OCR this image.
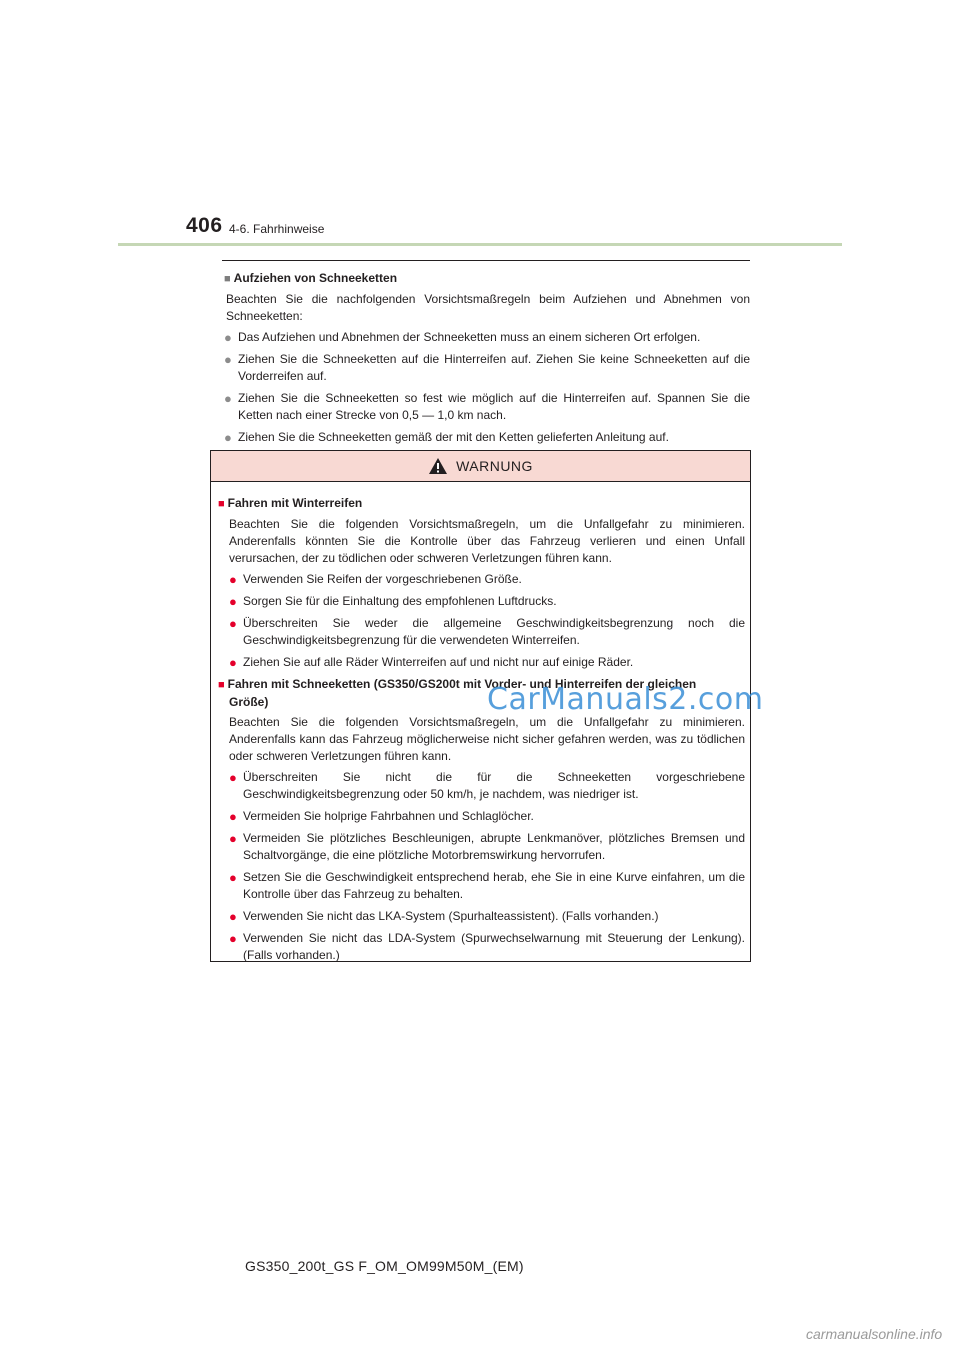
406 4-6. Fahrhinweise
■ Aufziehen von Schneeketten
Beachten Sie die nachfolgenden Vorsichtsmaßregeln beim Aufziehen und Abnehmen von Schneeketten:
● Das Aufziehen und Abnehmen der Schneeketten muss an einem sicheren Ort erfolgen.
● Ziehen Sie die Schneeketten auf die Hinterreifen auf. Ziehen Sie keine Schneeketten auf die Vorderreifen auf.
● Ziehen Sie die Schneeketten so fest wie möglich auf die Hinterreifen auf. Spannen Sie die Ketten nach einer Strecke von 0,5 — 1,0 km nach.
● Ziehen Sie die Schneeketten gemäß der mit den Ketten gelieferten Anleitung auf.
WARNUNG
■ Fahren mit Winterreifen
Beachten Sie die folgenden Vorsichtsmaßregeln, um die Unfallgefahr zu minimieren. Anderenfalls könnten Sie die Kontrolle über das Fahrzeug verlieren und einen Unfall verursachen, der zu tödlichen oder schweren Verletzungen führen kann.
● Verwenden Sie Reifen der vorgeschriebenen Größe.
● Sorgen Sie für die Einhaltung des empfohlenen Luftdrucks.
● Überschreiten Sie weder die allgemeine Geschwindigkeitsbegrenzung noch die Geschwindigkeitsbegrenzung für die verwendeten Winterreifen.
● Ziehen Sie auf alle Räder Winterreifen auf und nicht nur auf einige Räder.
■ Fahren mit Schneeketten (GS350/GS200t mit Vorder- und Hinterreifen der gleichen
Größe)
Beachten Sie die folgenden Vorsichtsmaßregeln, um die Unfallgefahr zu minimieren. Anderenfalls kann das Fahrzeug möglicherweise nicht sicher gefahren werden, was zu tödlichen oder schweren Verletzungen führen kann.
● Überschreiten Sie nicht die für die Schneeketten vorgeschriebene Geschwindigkeitsbegrenzung oder 50 km/h, je nachdem, was niedriger ist.
● Vermeiden Sie holprige Fahrbahnen und Schlaglöcher.
● Vermeiden Sie plötzliches Beschleunigen, abrupte Lenkmanöver, plötzliches Bremsen und Schaltvorgänge, die eine plötzliche Motorbremswirkung hervorrufen.
● Setzen Sie die Geschwindigkeit entsprechend herab, ehe Sie in eine Kurve einfahren, um die Kontrolle über das Fahrzeug zu behalten.
● Verwenden Sie nicht das LKA-System (Spurhalteassistent). (Falls vorhanden.)
● Verwenden Sie nicht das LDA-System (Spurwechselwarnung mit Steuerung der Lenkung). (Falls vorhanden.)
CarManuals2.com
GS350_200t_GS F_OM_OM99M50M_(EM)
carmanualsonline.info
